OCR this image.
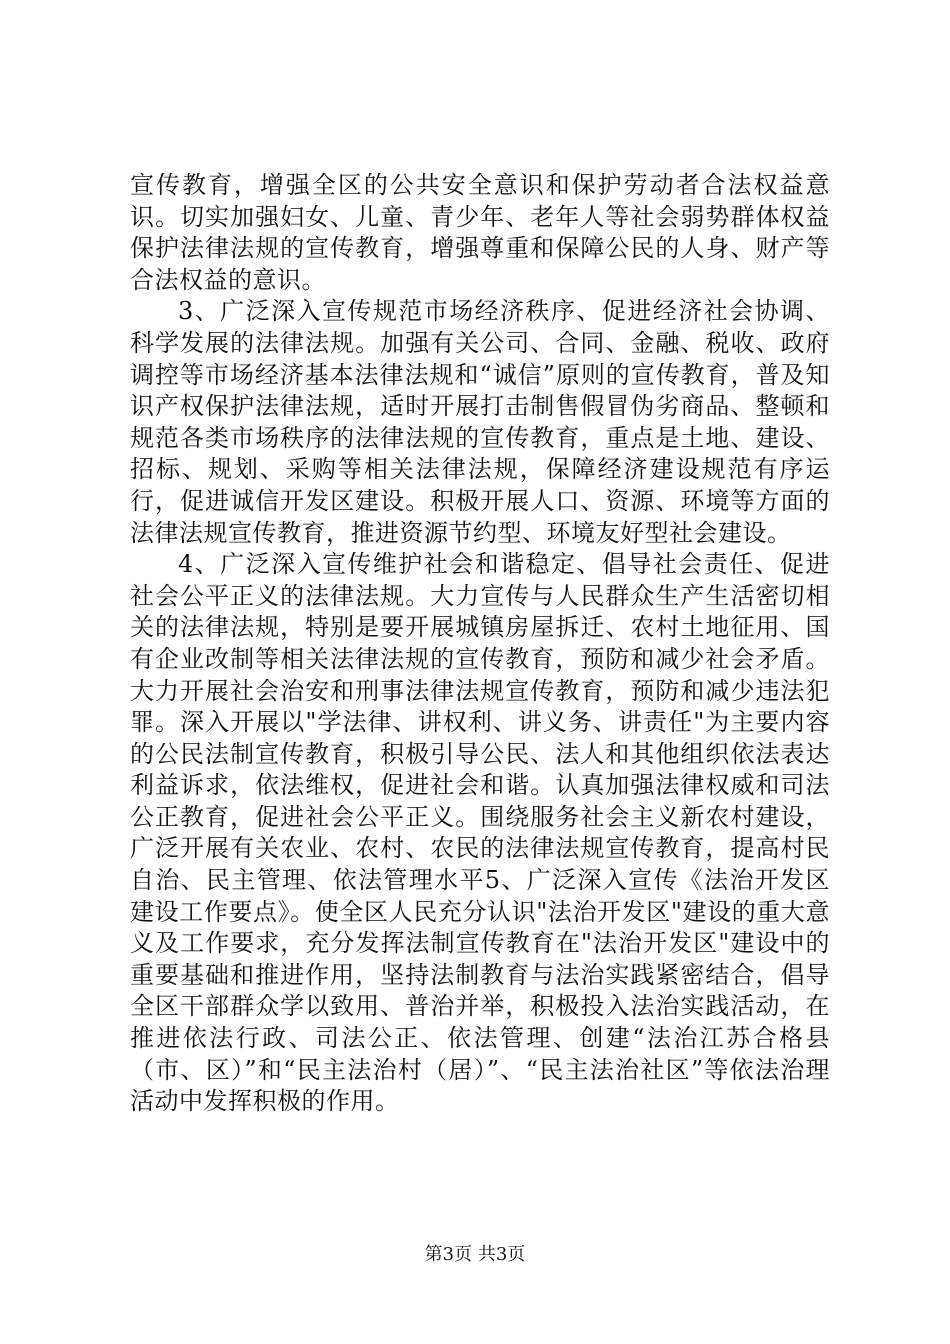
宣传教育，增强全区的公共安全意识和保护劳动者合法权益意识。切实加强妇女、儿童、青少年、老年人等社会弱势群体权益保护法律法规的宣传教育，增强尊重和保障公民的人身、财产等合法权益的意识。

3、广泛深入宣传规范市场经济秩序、促进经济社会协调、科学发展的法律法规。加强有关公司、合同、金融、税收、政府调控等市场经济基本法律法规和“诚信”原则的宣传教育，普及知识产权保护法律法规，适时开展打击制售假冒伪劣商品、整顿和规范各类市场秩序的法律法规的宣传教育，重点是土地、建设、招标、规划、采购等相关法律法规，保障经济建设规范有序运行，促进诚信开发区建设。积极开展人口、资源、环境等方面的法律法规宣传教育，推进资源节约型、环境友好型社会建设。

4、广泛深入宣传维护社会和谐稳定、倡导社会责任、促进社会公平正义的法律法规。大力宣传与人民群众生产生活密切相关的法律法规，特别是要开展城镇房屋拆迁、农村土地征用、国有企业改制等相关法律法规的宣传教育，预防和减少社会矛盾。大力开展社会治安和刑事法律法规宣传教育，预防和减少违法犯罪。深入开展以"学法律、讲权利、讲义务、讲责任"为主要内容的公民法制宣传教育，积极引导公民、法人和其他组织依法表达利益诉求，依法维权，促进社会和谐。认真加强法律权威和司法公正教育，促进社会公平正义。围绕服务社会主义新农村建设，广泛开展有关农业、农村、农民的法律法规宣传教育，提高村民自治、民主管理、依法管理水平5、广泛深入宣传《法治开发区建设工作要点》。使全区人民充分认识"法治开发区"建设的重大意义及工作要求，充分发挥法制宣传教育在"法治开发区"建设中的重要基础和推进作用，坚持法制教育与法治实践紧密结合，倡导全区干部群众学以致用、普治并举，积极投入法治实践活动，在推进依法行政、司法公正、依法管理、创建“法治江苏合格县（市、区）”和“民主法治村（居）”、“民主法治社区”等依法治理活动中发挥积极的作用。

第3页 共3页
